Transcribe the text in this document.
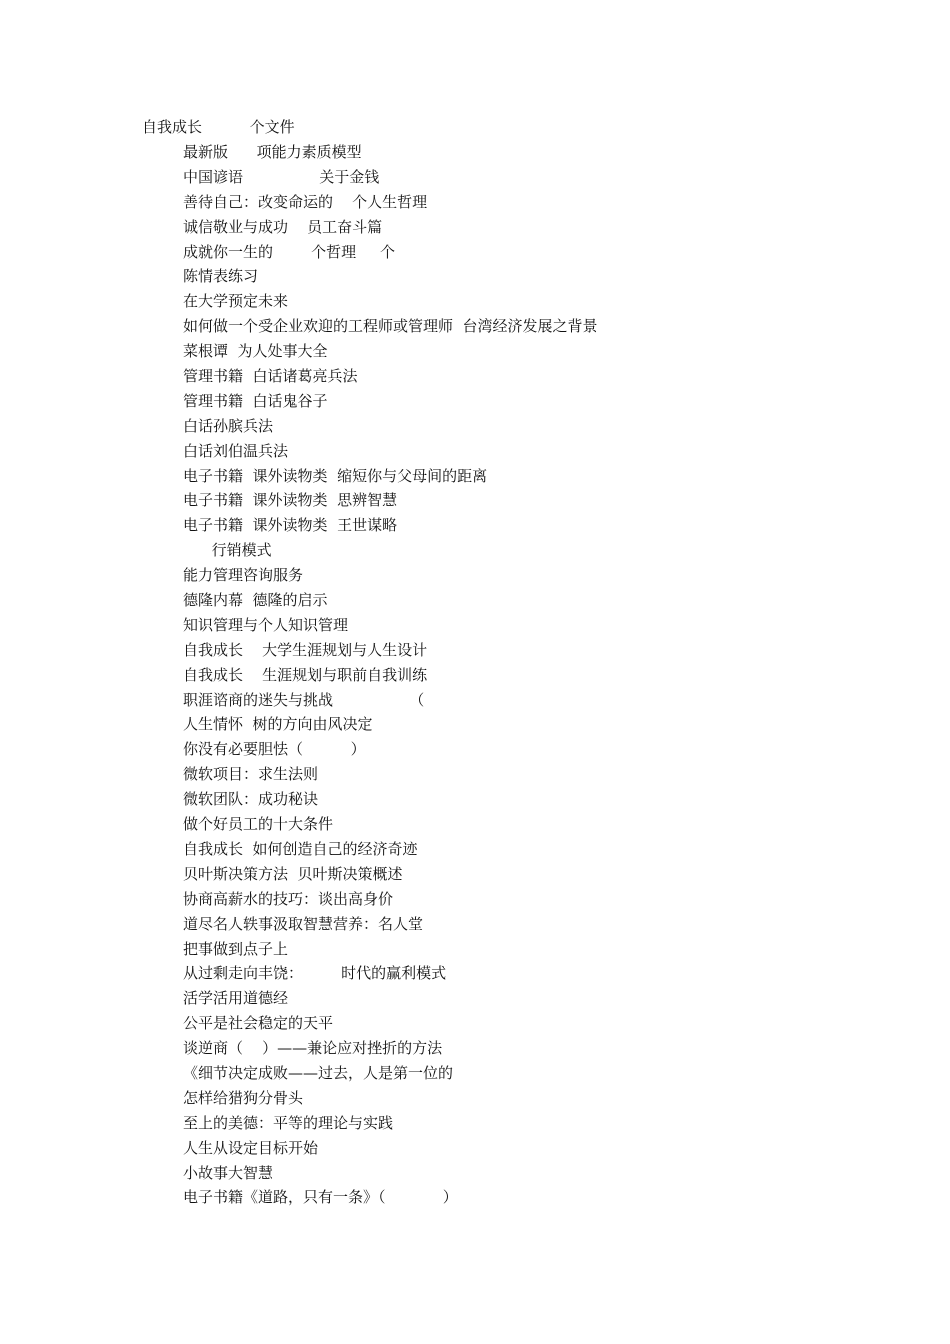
自我成长          个文件
最新版      项能力素质模型
中国谚语                关于金钱
善待自己：改变命运的    个人生哲理
诚信敬业与成功    员工奋斗篇
成就你一生的        个哲理     个
陈情表练习
在大学预定未来
如何做一个受企业欢迎的工程师或管理师  台湾经济发展之背景
菜根谭  为人处事大全
管理书籍  白话诸葛亮兵法
管理书籍  白话鬼谷子
白话孙膑兵法
白话刘伯温兵法
电子书籍  课外读物类  缩短你与父母间的距离
电子书籍  课外读物类  思辨智慧
电子书籍  课外读物类  王世谋略
行销模式
能力管理咨询服务
德隆内幕  德隆的启示
知识管理与个人知识管理
自我成长    大学生涯规划与人生设计
自我成长    生涯规划与职前自我训练
职涯谘商的迷失与挑战                （
人生情怀  树的方向由风决定
你没有必要胆怯（          ）
微软项目：求生法则
微软团队：成功秘诀
做个好员工的十大条件
自我成长  如何创造自己的经济奇迹
贝叶斯决策方法  贝叶斯决策概述
协商高薪水的技巧：谈出高身价
道尽名人轶事汲取智慧营养：名人堂
把事做到点子上
从过剩走向丰饶：        时代的赢利模式
活学活用道德经
公平是社会稳定的天平
谈逆商（    ）——兼论应对挫折的方法
《细节决定成败——过去，人是第一位的
怎样给猎狗分骨头
至上的美德：平等的理论与实践
人生从设定目标开始
小故事大智慧
电子书籍《道路，只有一条》（            ）
